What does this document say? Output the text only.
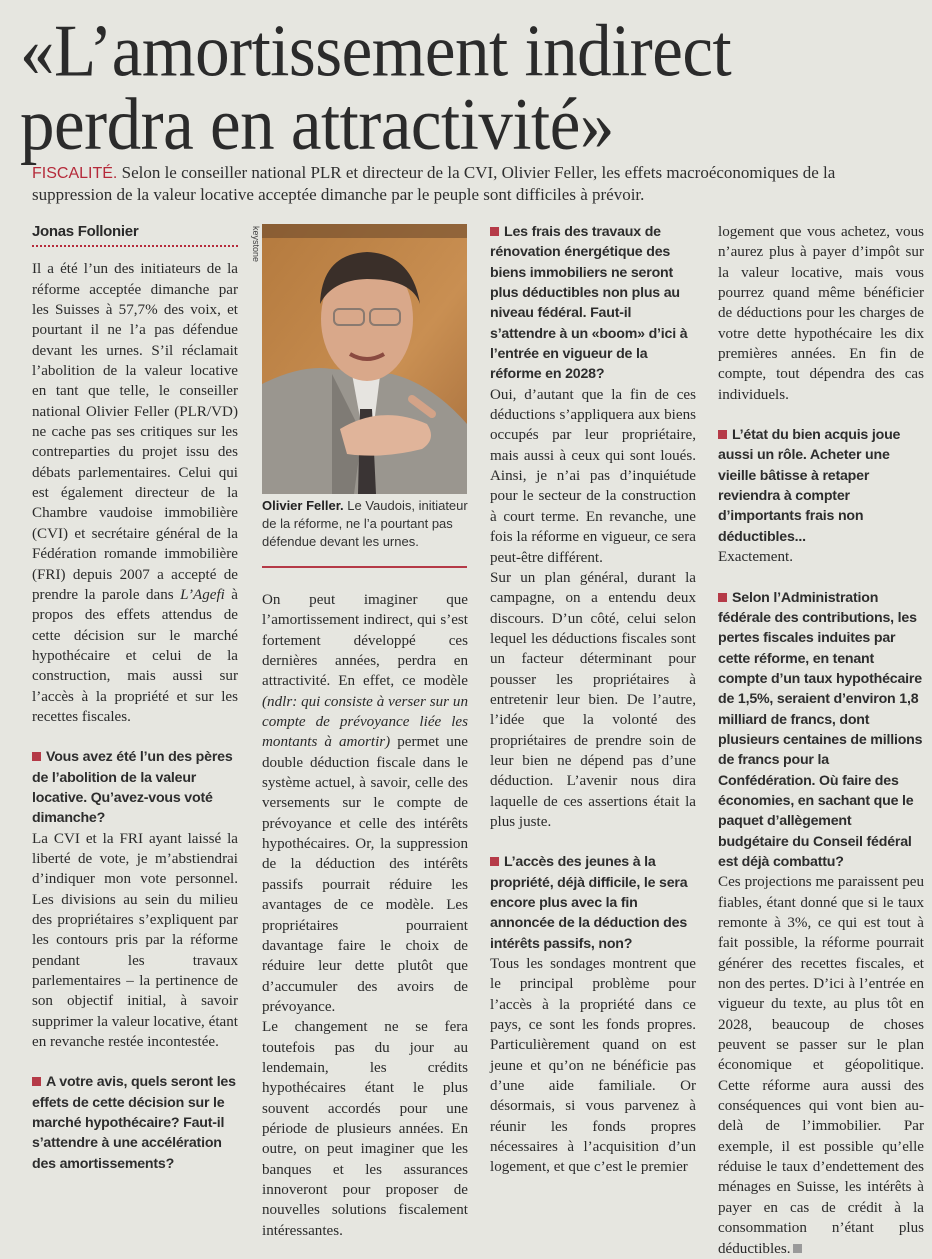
«L’amortissement indirect
perdra en attractivité»
FISCALITÉ. Selon le conseiller national PLR et directeur de la CVI, Olivier Feller, les effets macroéconomiques de la suppression de la valeur locative acceptée dimanche par le peuple sont difficiles à prévoir.
Jonas Follonier

Il a été l’un des initiateurs de la réforme acceptée dimanche par les Suisses à 57,7% des voix, et pourtant il ne l’a pas défendue devant les urnes. S’il réclamait l’abolition de la valeur locative en tant que telle, le conseiller national Olivier Feller (PLR/VD) ne cache pas ses critiques sur les contreparties du projet issu des débats parlementaires. Celui qui est également directeur de la Chambre vaudoise immobilière (CVI) et secrétaire général de la Fédération romande immobilière (FRI) depuis 2007 a accepté de prendre la parole dans L’Agefi à propos des effets attendus de cette décision sur le marché hypothécaire et celui de la construction, mais aussi sur l’accès à la propriété et sur les recettes fiscales.

Vous avez été l’un des pères de l’abolition de la valeur locative. Qu’avez-vous voté dimanche?

La CVI et la FRI ayant laissé la liberté de vote, je m’abstiendrai d’indiquer mon vote personnel. Les divisions au sein du milieu des propriétaires s’expliquent par les contours pris par la réforme pendant les travaux parlementaires – la pertinence de son objectif initial, à savoir supprimer la valeur locative, étant en revanche restée incontestée.

A votre avis, quels seront les effets de cette décision sur le marché hypothécaire? Faut-il s’attendre à une accélération des amortissements?

keystone
Olivier Feller. Le Vaudois, initiateur de la réforme, ne l’a pourtant pas défendue devant les urnes.

On peut imaginer que l’amortissement indirect, qui s’est fortement développé ces dernières années, perdra en attractivité. En effet, ce modèle (ndlr: qui consiste à verser sur un compte de prévoyance liée les montants à amortir) permet une double déduction fiscale dans le système actuel, à savoir, celle des versements sur le compte de prévoyance et celle des intérêts hypothécaires. Or, la suppression de la déduction des intérêts passifs pourrait réduire les avantages de ce modèle. Les propriétaires pourraient davantage faire le choix de réduire leur dette plutôt que d’accumuler des avoirs de prévoyance.

Le changement ne se fera toutefois pas du jour au lendemain, les crédits hypothécaires étant le plus souvent accordés pour une période de plusieurs années. En outre, on peut imaginer que les banques et les assurances innoveront pour proposer de nouvelles solutions fiscalement intéressantes.

Les frais des travaux de rénovation énergétique des biens immobiliers ne seront plus déductibles non plus au niveau fédéral. Faut-il s’attendre à un «boom» d’ici à l’entrée en vigueur de la réforme en 2028?

Oui, d’autant que la fin de ces déductions s’appliquera aux biens occupés par leur propriétaire, mais aussi à ceux qui sont loués. Ainsi, je n’ai pas d’inquiétude pour le secteur de la construction à court terme. En revanche, une fois la réforme en vigueur, ce sera peut-être différent.

Sur un plan général, durant la campagne, on a entendu deux discours. D’un côté, celui selon lequel les déductions fiscales sont un facteur déterminant pour pousser les propriétaires à entretenir leur bien. De l’autre, l’idée que la volonté des propriétaires de prendre soin de leur bien ne dépend pas d’une déduction. L’avenir nous dira laquelle de ces assertions était la plus juste.

L’accès des jeunes à la propriété, déjà difficile, le sera encore plus avec la fin annoncée de la déduction des intérêts passifs, non?

Tous les sondages montrent que le principal problème pour l’accès à la propriété dans ce pays, ce sont les fonds propres. Particulièrement quand on est jeune et qu’on ne bénéficie pas d’une aide familiale. Or désormais, si vous parvenez à réunir les fonds propres nécessaires à l’acquisition d’un logement, et que c’est le premier

logement que vous achetez, vous n’aurez plus à payer d’impôt sur la valeur locative, mais vous pourrez quand même bénéficier de déductions pour les charges de votre dette hypothécaire les dix premières années. En fin de compte, tout dépendra des cas individuels.

L’état du bien acquis joue aussi un rôle. Acheter une vieille bâtisse à retaper reviendra à compter d’importants frais non déductibles...

Exactement.

Selon l’Administration fédérale des contributions, les pertes fiscales induites par cette réforme, en tenant compte d’un taux hypothécaire de 1,5%, seraient d’environ 1,8 milliard de francs, dont plusieurs centaines de millions de francs pour la Confédération. Où faire des économies, en sachant que le paquet d’allègement budgétaire du Conseil fédéral est déjà combattu?

Ces projections me paraissent peu fiables, étant donné que si le taux remonte à 3%, ce qui est tout à fait possible, la réforme pourrait générer des recettes fiscales, et non des pertes. D’ici à l’entrée en vigueur du texte, au plus tôt en 2028, beaucoup de choses peuvent se passer sur le plan économique et géopolitique. Cette réforme aura aussi des conséquences qui vont bien au-delà de l’immobilier. Par exemple, il est possible qu’elle réduise le taux d’endettement des ménages en Suisse, les intérêts à payer en cas de crédit à la consommation n’étant plus déductibles.
